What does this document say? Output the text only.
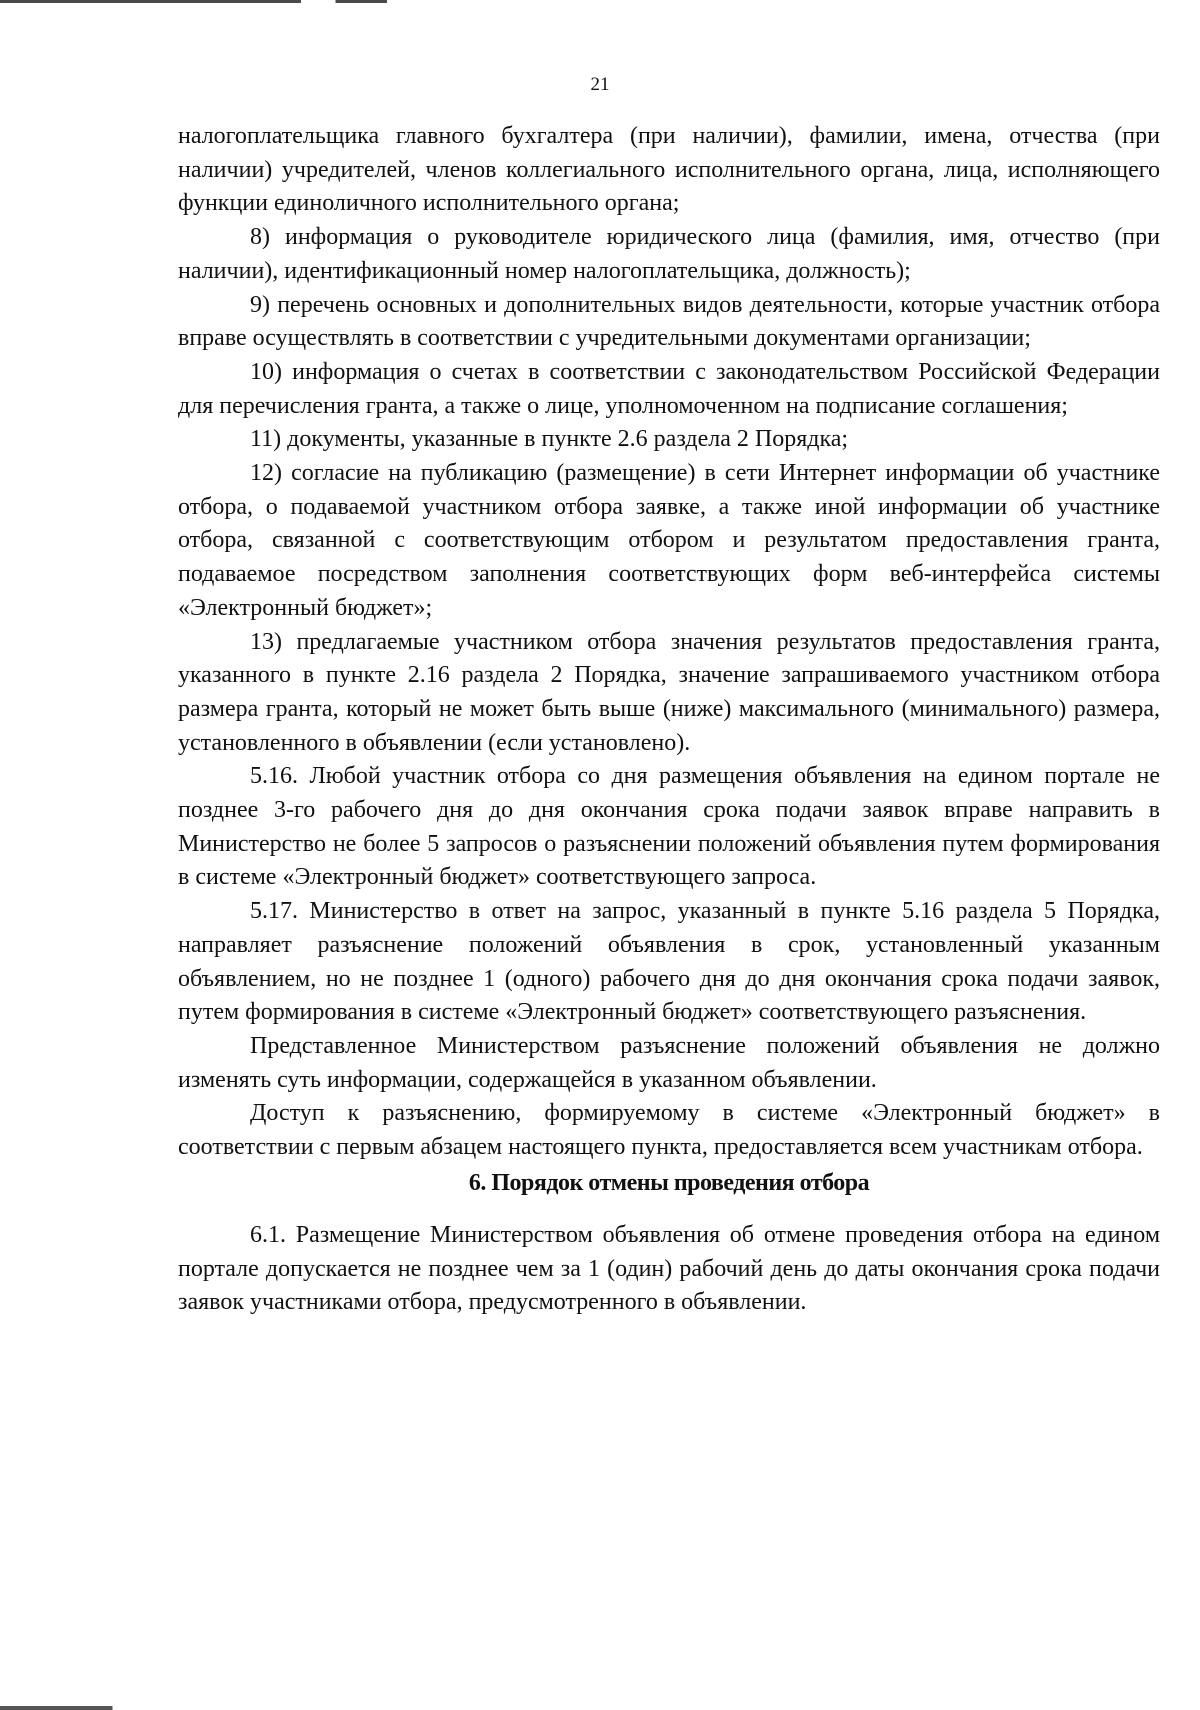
21

налогоплательщика главного бухгалтера (при наличии), фамилии, имена, отчества (при наличии) учредителей, членов коллегиального исполнительного органа, лица, исполняющего функции единоличного исполнительного органа;

8) информация о руководителе юридического лица (фамилия, имя, отчество (при наличии), идентификационный номер налогоплательщика, должность);

9) перечень основных и дополнительных видов деятельности, которые участник отбора вправе осуществлять в соответствии с учредительными документами организации;

10) информация о счетах в соответствии с законодательством Российской Федерации для перечисления гранта, а также о лице, уполномоченном на подписание соглашения;

11) документы, указанные в пункте 2.6 раздела 2 Порядка;

12) согласие на публикацию (размещение) в сети Интернет информации об участнике отбора, о подаваемой участником отбора заявке, а также иной информации об участнике отбора, связанной с соответствующим отбором и результатом предоставления гранта, подаваемое посредством заполнения соответствующих форм веб-интерфейса системы «Электронный бюджет»;

13) предлагаемые участником отбора значения результатов предоставления гранта, указанного в пункте 2.16 раздела 2 Порядка, значение запрашиваемого участником отбора размера гранта, который не может быть выше (ниже) максимального (минимального) размера, установленного в объявлении (если установлено).

5.16. Любой участник отбора со дня размещения объявления на едином портале не позднее 3-го рабочего дня до дня окончания срока подачи заявок вправе направить в Министерство не более 5 запросов о разъяснении положений объявления путем формирования в системе «Электронный бюджет» соответствующего запроса.

5.17. Министерство в ответ на запрос, указанный в пункте 5.16 раздела 5 Порядка, направляет разъяснение положений объявления в срок, установленный указанным объявлением, но не позднее 1 (одного) рабочего дня до дня окончания срока подачи заявок, путем формирования в системе «Электронный бюджет» соответствующего разъяснения.

Представленное Министерством разъяснение положений объявления не должно изменять суть информации, содержащейся в указанном объявлении.

Доступ к разъяснению, формируемому в системе «Электронный бюджет» в соответствии с первым абзацем настоящего пункта, предоставляется всем участникам отбора.

6. Порядок отмены проведения отбора

6.1. Размещение Министерством объявления об отмене проведения отбора на едином портале допускается не позднее чем за 1 (один) рабочий день до даты окончания срока подачи заявок участниками отбора, предусмотренного в объявлении.
